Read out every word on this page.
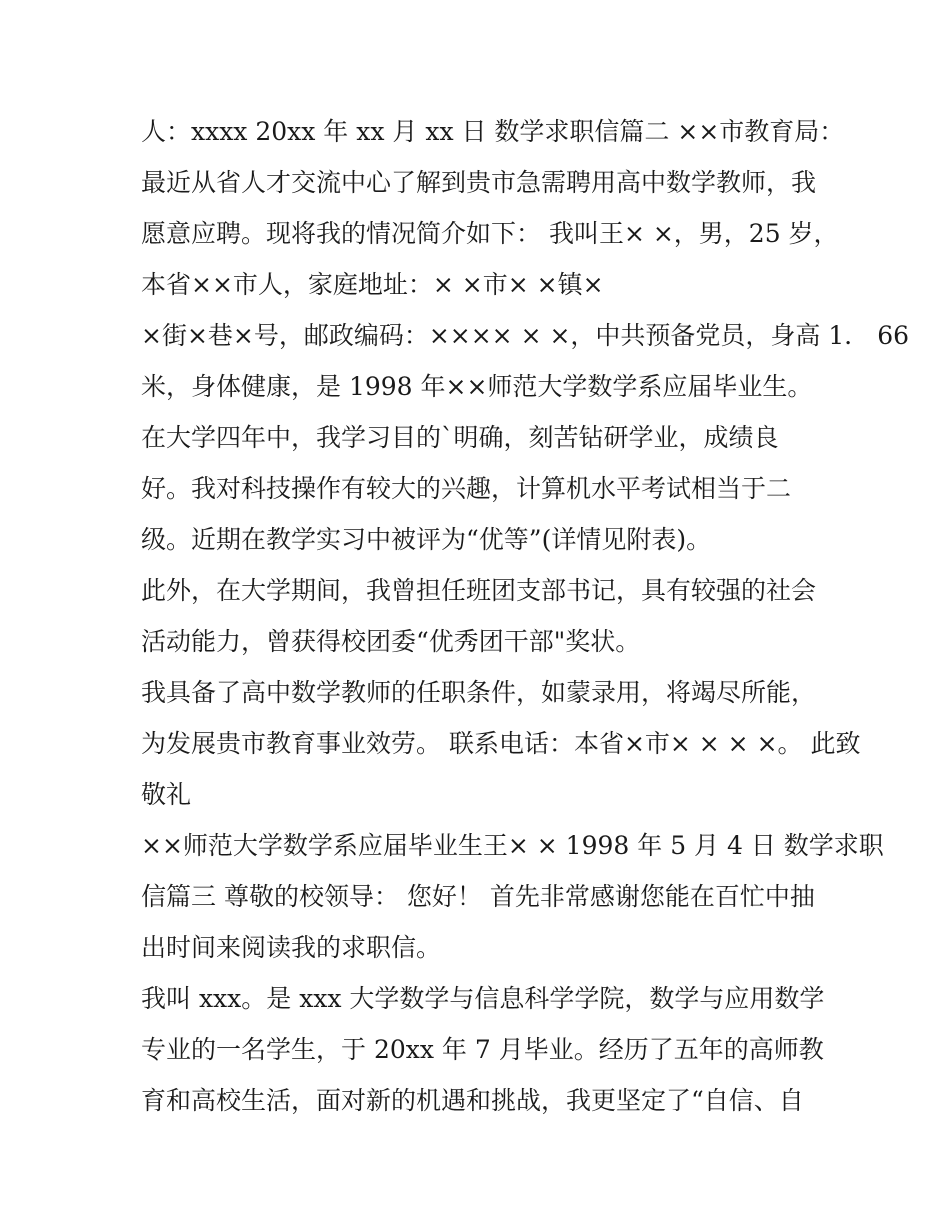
人：xxxx 20xx 年 xx 月 xx 日 数学求职信篇二 ××市教育局：
最近从省人才交流中心了解到贵市急需聘用高中数学教师，我
愿意应聘。现将我的情况简介如下： 我叫王× ×，男，25 岁，
本省××市人，家庭地址：× ×市× ×镇×
×街×巷×号，邮政编码：×××× × ×，中共预备党员，身高 1． 66
米，身体健康，是 1998 年××师范大学数学系应届毕业生。
在大学四年中，我学习目的`明确，刻苦钻研学业，成绩良
好。我对科技操作有较大的兴趣，计算机水平考试相当于二
级。近期在教学实习中被评为“优等”(详情见附表)。
此外，在大学期间，我曾担任班团支部书记，具有较强的社会
活动能力，曾获得校团委“优秀团干部"奖状。
我具备了高中数学教师的任职条件，如蒙录用，将竭尽所能，
为发展贵市教育事业效劳。 联系电话：本省×市× × × ×。 此致
敬礼
××师范大学数学系应届毕业生王× × 1998 年 5 月 4 日 数学求职
信篇三 尊敬的校领导： 您好！ 首先非常感谢您能在百忙中抽
出时间来阅读我的求职信。
我叫 xxx。是 xxx 大学数学与信息科学学院，数学与应用数学
专业的一名学生，于 20xx 年 7 月毕业。经历了五年的高师教
育和高校生活，面对新的机遇和挑战，我更坚定了“自信、自
